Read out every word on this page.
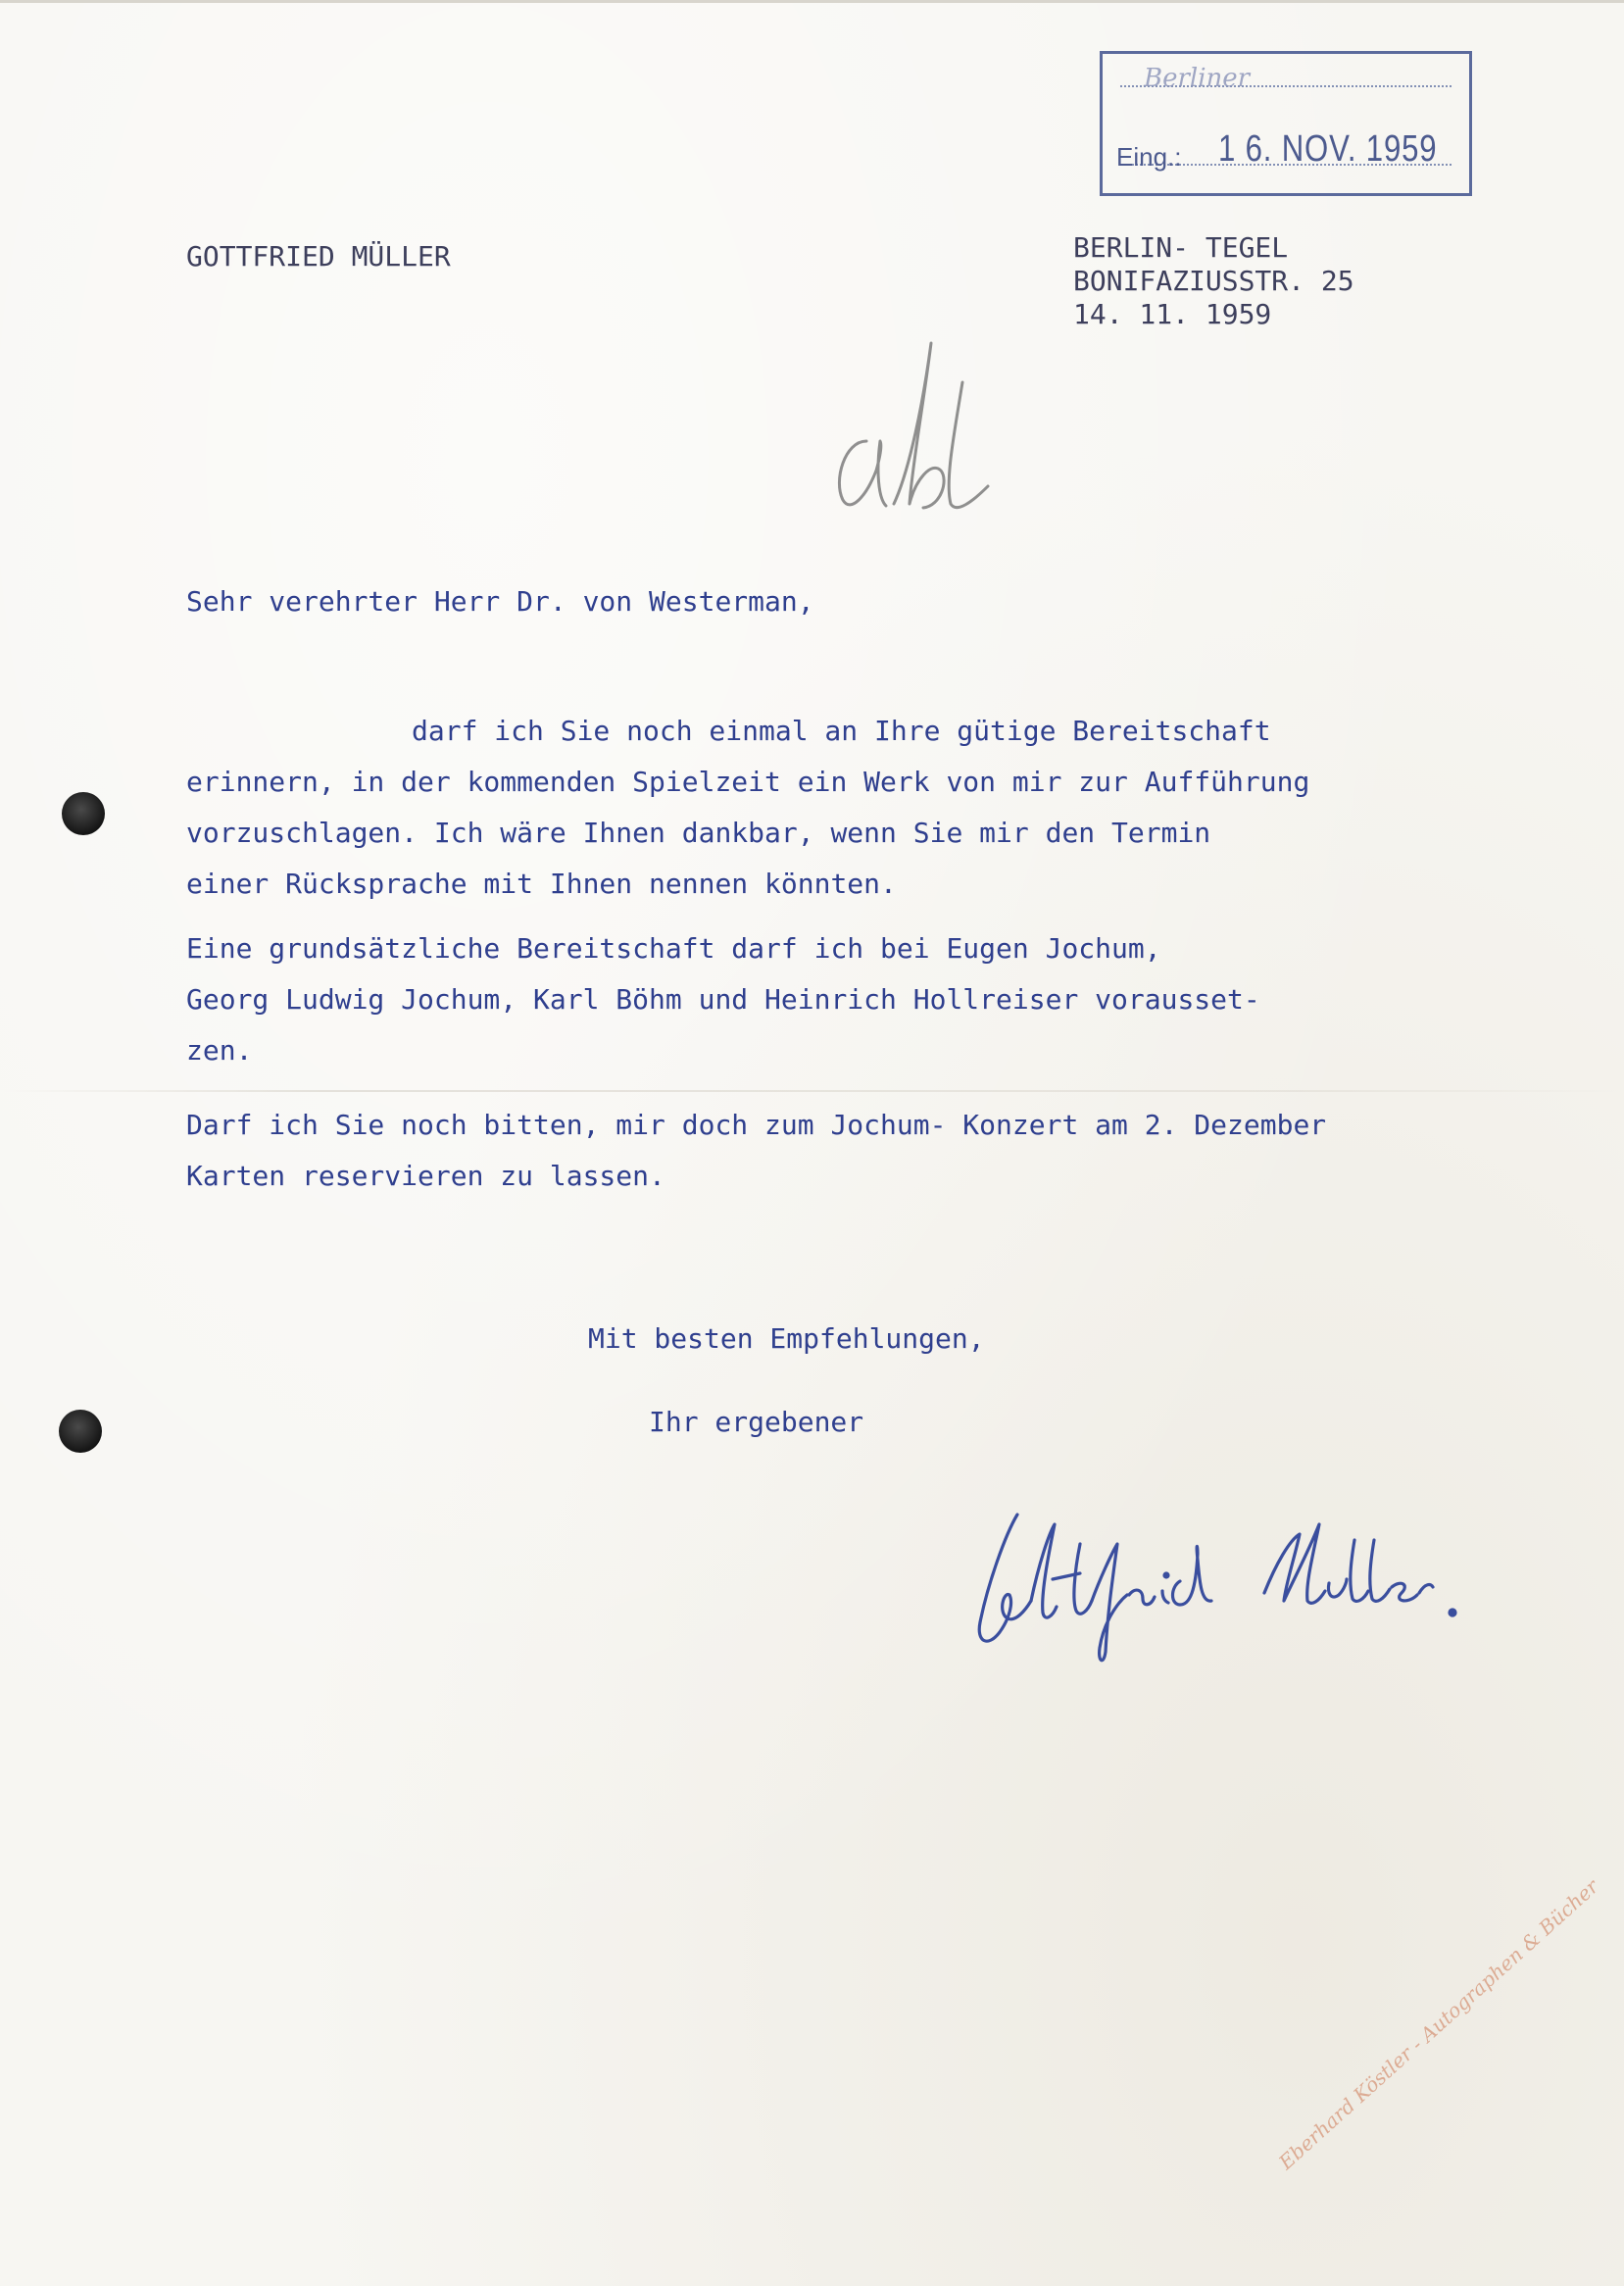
Berliner
Eing.: 1 6. NOV. 1959
GOTTFRIED MÜLLER	BERLIN- TEGEL
BONIFAZIUSSTR. 25
14. 11. 1959
Sehr verehrter Herr Dr. von Westerman,
darf ich Sie noch einmal an Ihre gütige Bereitschaft
erinnern, in der kommenden Spielzeit ein Werk von mir zur Aufführung
vorzuschlagen. Ich wäre Ihnen dankbar, wenn Sie mir den Termin
einer Rücksprache mit Ihnen nennen könnten.
Eine grundsätzliche Bereitschaft darf ich bei Eugen Jochum,
Georg Ludwig Jochum, Karl Böhm und Heinrich Hollreiser vorausset-
zen.
Darf ich Sie noch bitten, mir doch zum Jochum- Konzert am 2. Dezember
Karten reservieren zu lassen.
Mit besten Empfehlungen,
Ihr ergebener
Eberhard Köstler - Autographen & Bücher
